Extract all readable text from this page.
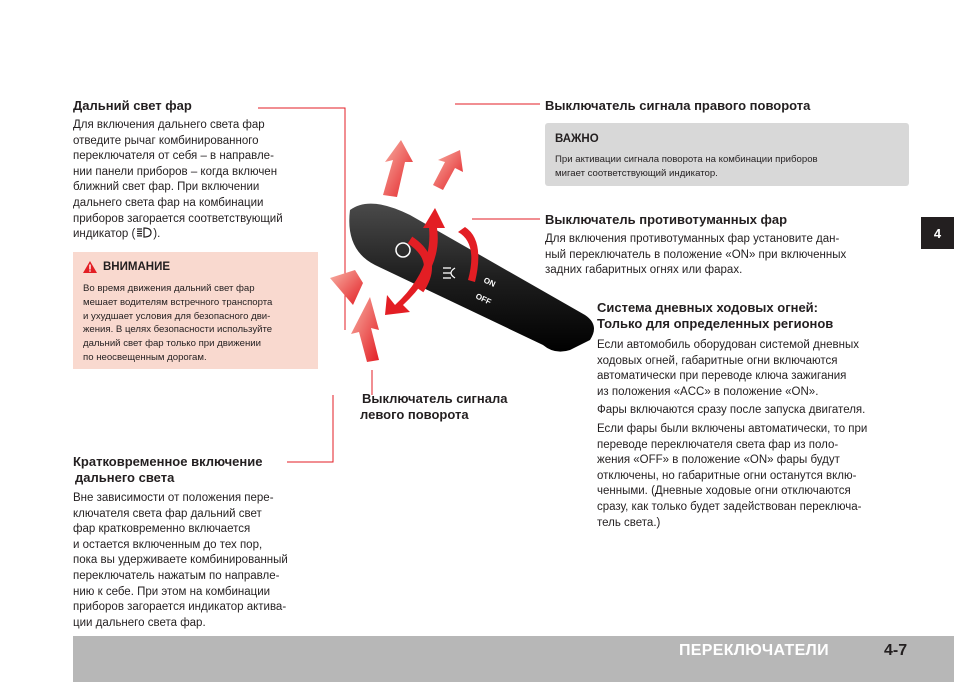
ON
OFF
Дальний свет фар
Для включения дальнего света фар
отведите рычаг комбинированного
переключателя от себя – в направле-
нии панели приборов – когда включен
ближний свет фар. При включении
дальнего света фар на комбинации
приборов загорается соответствующий
индикатор ( ).
ВНИМАНИЕ
Во время движения дальний свет фар
мешает водителям встречного транспорта
и ухудшает условия для безопасного дви-
жения. В целях безопасности используйте
дальний свет фар только при движении
по неосвещенным дорогам.
Кратковременное включение
дальнего света
Вне зависимости от положения пере-
ключателя света фар дальний свет
фар кратковременно включается
и остается включенным до тех пор,
пока вы удерживаете комбинированный
переключатель нажатым по направле-
нию к себе. При этом на комбинации
приборов загорается индикатор актива-
ции дальнего света фар.
Выключатель сигнала
левого поворота
Выключатель сигнала правого поворота
ВАЖНО
При активации сигнала поворота на комбинации приборов
мигает соответствующий индикатор.
Выключатель противотуманных фар
Для включения противотуманных фар установите дан-
ный переключатель в положение «ON» при включенных
задних габаритных огнях или фарах.
Система дневных ходовых огней:
Только для определенных регионов
Если автомобиль оборудован системой дневных
ходовых огней, габаритные огни включаются
автоматически при переводе ключа зажигания
из положения «ACC» в положение «ON».
Фары включаются сразу после запуска двигателя.
Если фары были включены автоматически, то при
переводе переключателя света фар из поло-
жения «OFF» в положение «ON» фары будут
отключены, но габаритные огни останутся вклю-
ченными. (Дневные ходовые огни отключаются
сразу, как только будет задействован переключа-
тель света.)
4
ПЕРЕКЛЮЧАТЕЛИ	4-7
